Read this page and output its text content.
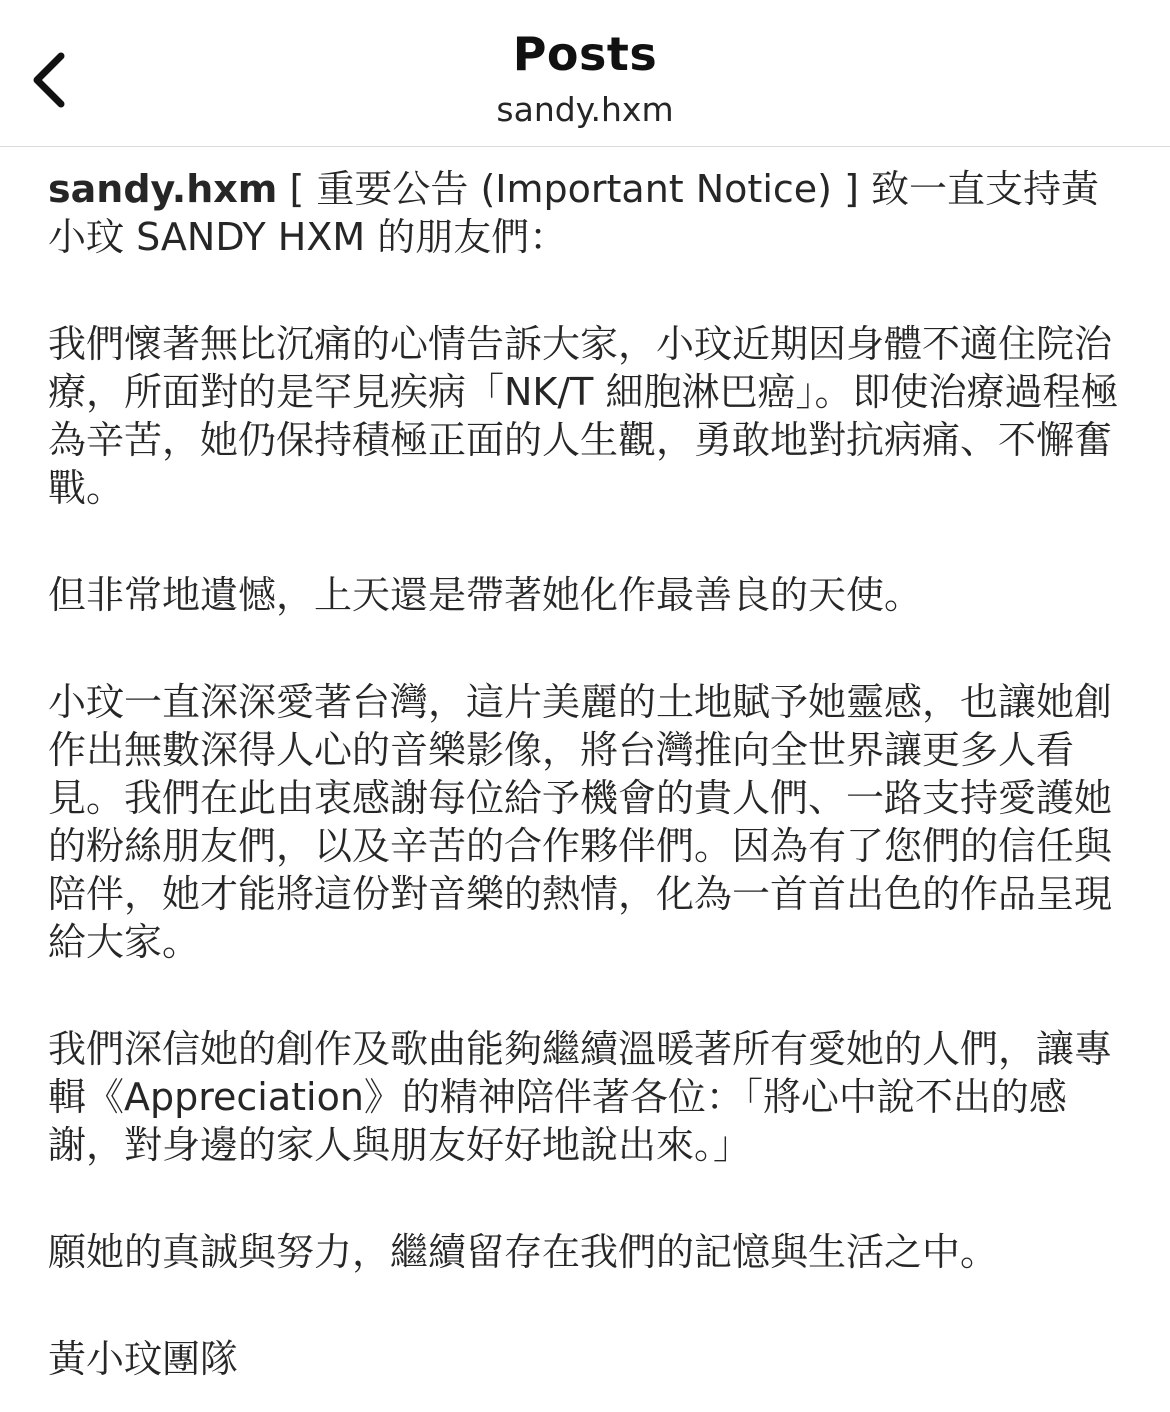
Posts
sandy.hxm

sandy.hxm [ 重要公告 (Important Notice) ] 致一直支持黃小玟 SANDY HXM 的朋友們：

我們懷著無比沉痛的心情告訴大家，小玟近期因身體不適住院治療，所面對的是罕見疾病「NK/T 細胞淋巴癌」。即使治療過程極為辛苦，她仍保持積極正面的人生觀，勇敢地對抗病痛、不懈奮戰。

但非常地遺憾，上天還是帶著她化作最善良的天使。

小玟一直深深愛著台灣，這片美麗的土地賦予她靈感，也讓她創作出無數深得人心的音樂影像，將台灣推向全世界讓更多人看見。我們在此由衷感謝每位給予機會的貴人們、一路支持愛護她的粉絲朋友們，以及辛苦的合作夥伴們。因為有了您們的信任與陪伴，她才能將這份對音樂的熱情，化為一首首出色的作品呈現給大家。

我們深信她的創作及歌曲能夠繼續溫暖著所有愛她的人們，讓專輯《Appreciation》的精神陪伴著各位：「將心中說不出的感謝，對身邊的家人與朋友好好地說出來。」

願她的真誠與努力，繼續留存在我們的記憶與生活之中。

黃小玟團隊
